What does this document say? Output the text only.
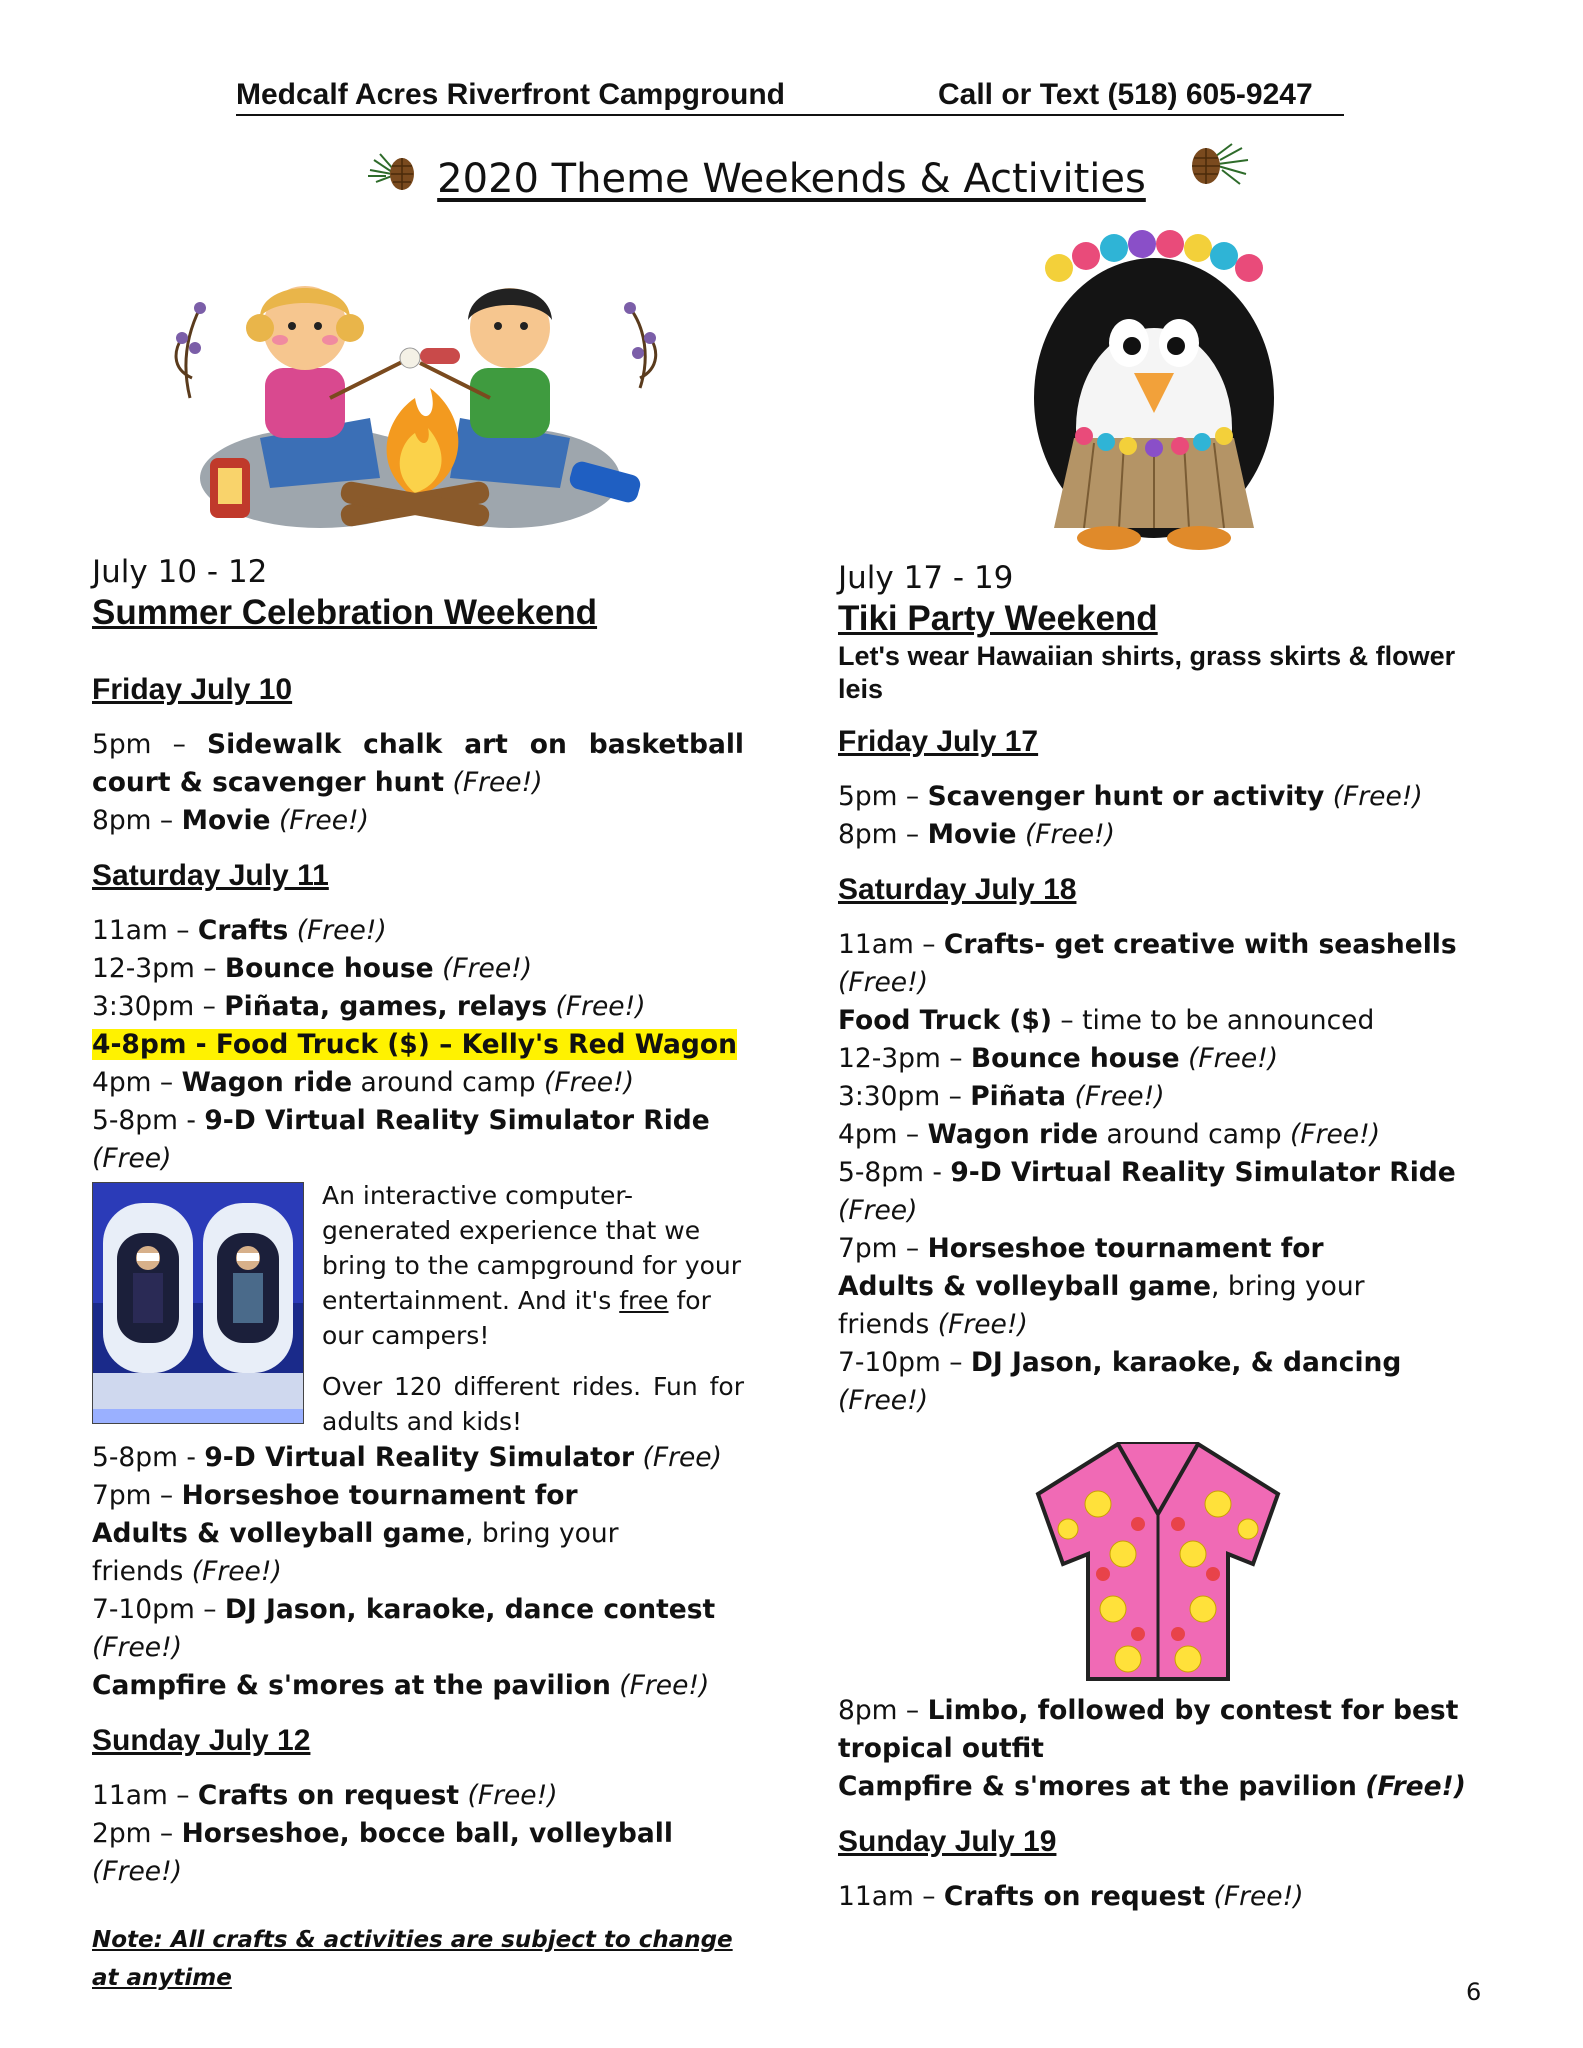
Medcalf Acres Riverfront Campground	Call or Text (518) 605-9247
2020 Theme Weekends & Activities

July 10 - 12

Summer Celebration Weekend

Friday July 10

5pm – Sidewalk chalk art on basketball court & scavenger hunt (Free!)

8pm – Movie (Free!)

Saturday July 11

11am – Crafts (Free!)

12-3pm – Bounce house (Free!)

3:30pm – Piñata, games, relays (Free!)

4-8pm - Food Truck ($) – Kelly's Red Wagon

4pm – Wagon ride around camp (Free!)

5-8pm - 9-D Virtual Reality Simulator Ride (Free)

An interactive computer-generated experience that we bring to the campground for your entertainment. And it's free for our campers!

Over 120 different rides. Fun for adults and kids!

5-8pm - 9-D Virtual Reality Simulator (Free)

7pm – Horseshoe tournament for Adults & volleyball game, bring your friends (Free!)

7-10pm – DJ Jason, karaoke, dance contest (Free!)

Campfire & s'mores at the pavilion (Free!)

Sunday July 12

11am – Crafts on request (Free!)

2pm – Horseshoe, bocce ball, volleyball (Free!)

Note: All crafts & activities are subject to change at anytime

July 17 - 19

Tiki Party Weekend

Let's wear Hawaiian shirts, grass skirts & flower leis

Friday July 17

5pm – Scavenger hunt or activity (Free!)

8pm – Movie (Free!)

Saturday July 18

11am – Crafts- get creative with seashells (Free!)

Food Truck ($) – time to be announced

12-3pm – Bounce house (Free!)

3:30pm – Piñata (Free!)

4pm – Wagon ride around camp (Free!)

5-8pm - 9-D Virtual Reality Simulator Ride (Free)

7pm – Horseshoe tournament for Adults & volleyball game, bring your friends (Free!)

7-10pm – DJ Jason, karaoke, & dancing (Free!)

8pm – Limbo, followed by contest for best tropical outfit

Campfire & s'mores at the pavilion (Free!)

Sunday July 19

11am – Crafts on request (Free!)

6
